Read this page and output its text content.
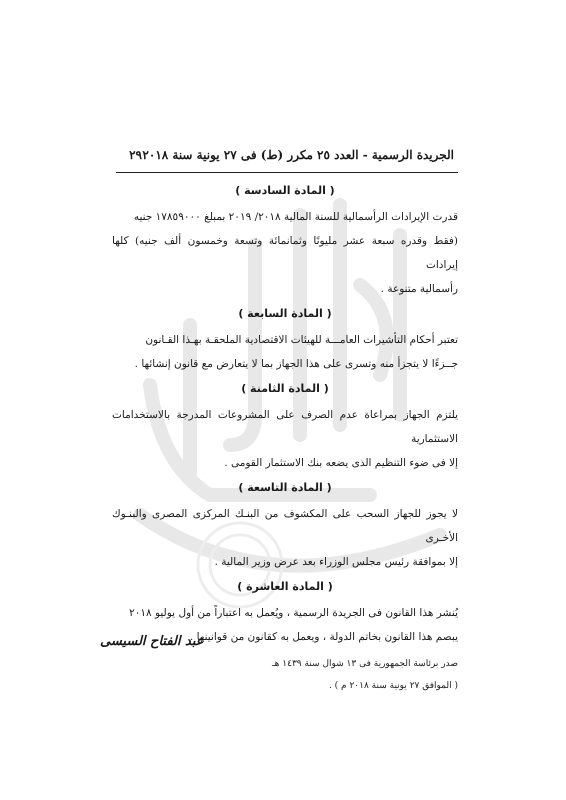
الجريدة الرسمية - العدد ٢٥ مكرر (ط) فى ٢٧ يونية سنة ٢٠١٨
٢٩
( المادة السادسة )

قدرت الإيرادات الرأسمالية للسنة المالية ٢٠١٨/ ٢٠١٩ بمبلغ ١٧٨٥٩٠٠٠ جنيه

(فقط وقدره سبعة عشر مليونًا وثمانمائة وتسعة وخمسون ألف جنيه) كلها إيرادات

رأسمالية متنوعة .

( المادة السابعة )

تعتبر أحكام التأشيرات العامـــة للهيئات الاقتصادية الملحقـة بهـذا القـانون

جــزءًا لا يتجزأ منه وتسرى على هذا الجهاز بما لا يتعارض مع قانون إنشائها .

( المادة الثامنة )

يلتزم الجهاز بمراعاة عدم الصرف على المشروعات المدرجة بالاستخدامات الاستثمارية

إلا فى ضوء التنظيم الذى يضعه بنك الاستثمار القومى .

( المادة التاسعة )

لا يجوز للجهاز السحب على المكشوف من البنـك المركزى المصرى والبنـوك الأخـرى

إلا بموافقة رئيس مجلس الوزراء بعد عرض وزير المالية .

( المادة العاشرة )

يُنشر هذا القانون فى الجريدة الرسمية ، ويُعمل به اعتباراً من أول يوليو ٢٠١٨

يبصم هذا القانون بخاتم الدولة ، ويعمل به كقانون من قوانينها .

صدر برئاسة الجمهورية فى ١٣ شوال سنة ١٤٣٩ هـ
( الموافق ٢٧ يونية سنة ٢٠١٨ م ) .
عبد الفتاح السيسى
